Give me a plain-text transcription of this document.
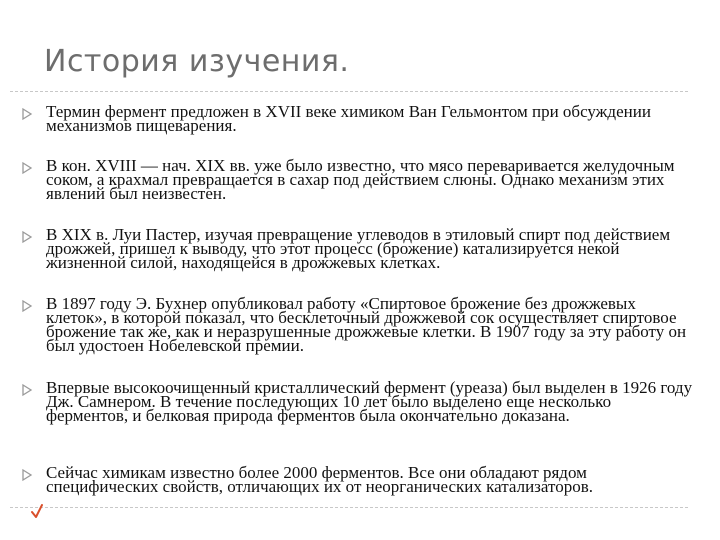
История изучения.
Термин фермент предложен в XVII веке химиком Ван Гельмонтом при обсуждении механизмов пищеварения.
В кон. XVIII — нач. XIX вв. уже было известно, что мясо переваривается желудочным соком, а крахмал превращается в сахар под действием слюны. Однако механизм этих явлений был неизвестен.
В XIX в. Луи Пастер, изучая превращение углеводов в этиловый спирт под действием дрожжей, пришел к выводу, что этот процесс (брожение) катализируется некой жизненной силой, находящейся в дрожжевых клетках.
В 1897 году Э. Бухнер опубликовал работу «Спиртовое брожение без дрожжевых клеток», в которой показал, что бесклеточный дрожжевой сок осуществляет спиртовое брожение так же, как и неразрушенные дрожжевые клетки. В 1907 году за эту работу он был удостоен Нобелевской премии.
Впервые высокоочищенный кристаллический фермент (уреаза) был выделен в 1926 году Дж. Самнером. В течение последующих 10 лет было выделено еще несколько ферментов, и белковая природа ферментов была окончательно доказана.
Сейчас химикам известно более 2000 ферментов. Все они обладают рядом специфических свойств, отличающих их от неорганических катализаторов.
